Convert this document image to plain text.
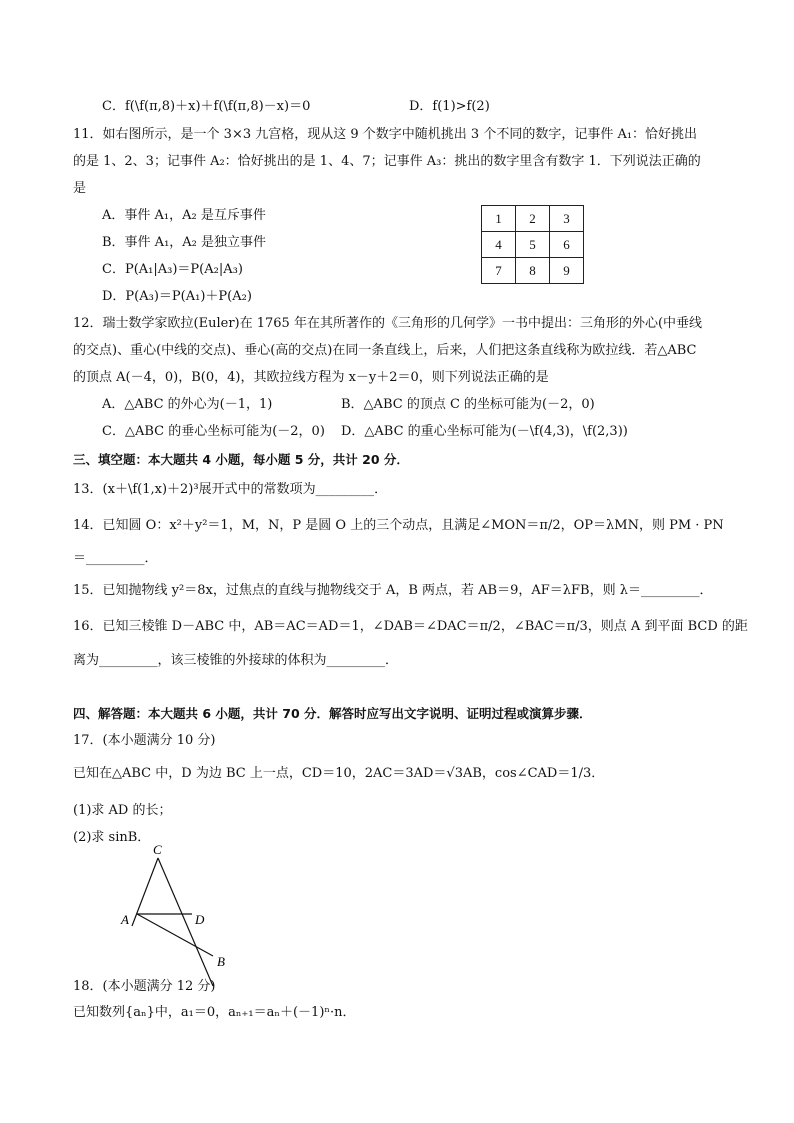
C．f(\f(π,8)＋x)＋f(\f(π,8)－x)＝0	D．f(1)>f(2)
11．如右图所示，是一个 3×3 九宫格，现从这 9 个数字中随机挑出 3 个不同的数字，记事件 A₁：恰好挑出
的是 1、2、3；记事件 A₂：恰好挑出的是 1、4、7；记事件 A₃：挑出的数字里含有数字 1．下列说法正确的
是
A．事件 A₁，A₂ 是互斥事件
B．事件 A₁，A₂ 是独立事件
C．P(A₁|A₃)＝P(A₂|A₃)
D．P(A₃)＝P(A₁)＋P(A₂)
1	2	3
4	5	6
7	8	9
12．瑞士数学家欧拉(Euler)在 1765 年在其所著作的《三角形的几何学》一书中提出：三角形的外心(中垂线
的交点)、重心(中线的交点)、垂心(高的交点)在同一条直线上，后来，人们把这条直线称为欧拉线．若△ABC
的顶点 A(－4，0)，B(0，4)，其欧拉线方程为 x－y＋2＝0，则下列说法正确的是
A．△ABC 的外心为(－1，1)	B．△ABC 的顶点 C 的坐标可能为(－2，0)
C．△ABC 的垂心坐标可能为(－2，0) D．△ABC 的重心坐标可能为(－\f(4,3)，\f(2,3))
三、填空题：本大题共 4 小题，每小题 5 分，共计 20 分．
13．(x＋\f(1,x)＋2)³展开式中的常数项为_________．
14．已知圆 O：x²＋y²＝1，M，N，P 是圆 O 上的三个动点，且满足∠MON＝π/2，OP＝λMN，则 PM · PN
＝_________．
15．已知抛物线 y²＝8x，过焦点的直线与抛物线交于 A，B 两点，若 AB＝9，AF＝λFB，则 λ＝_________．
16．已知三棱锥 D－ABC 中，AB＝AC＝AD＝1，∠DAB＝∠DAC＝π/2，∠BAC＝π/3，则点 A 到平面 BCD 的距
离为_________，该三棱锥的外接球的体积为_________．
四、解答题：本大题共 6 小题，共计 70 分．解答时应写出文字说明、证明过程或演算步骤．
17．(本小题满分 10 分)
已知在△ABC 中，D 为边 BC 上一点，CD＝10，2AC＝3AD＝√3AB，cos∠CAD＝1/3．
(1)求 AD 的长；
(2)求 sinB．
C
A	D
B
18．(本小题满分 12 分)
已知数列{aₙ}中，a₁＝0，aₙ₊₁＝aₙ＋(－1)ⁿ·n．
